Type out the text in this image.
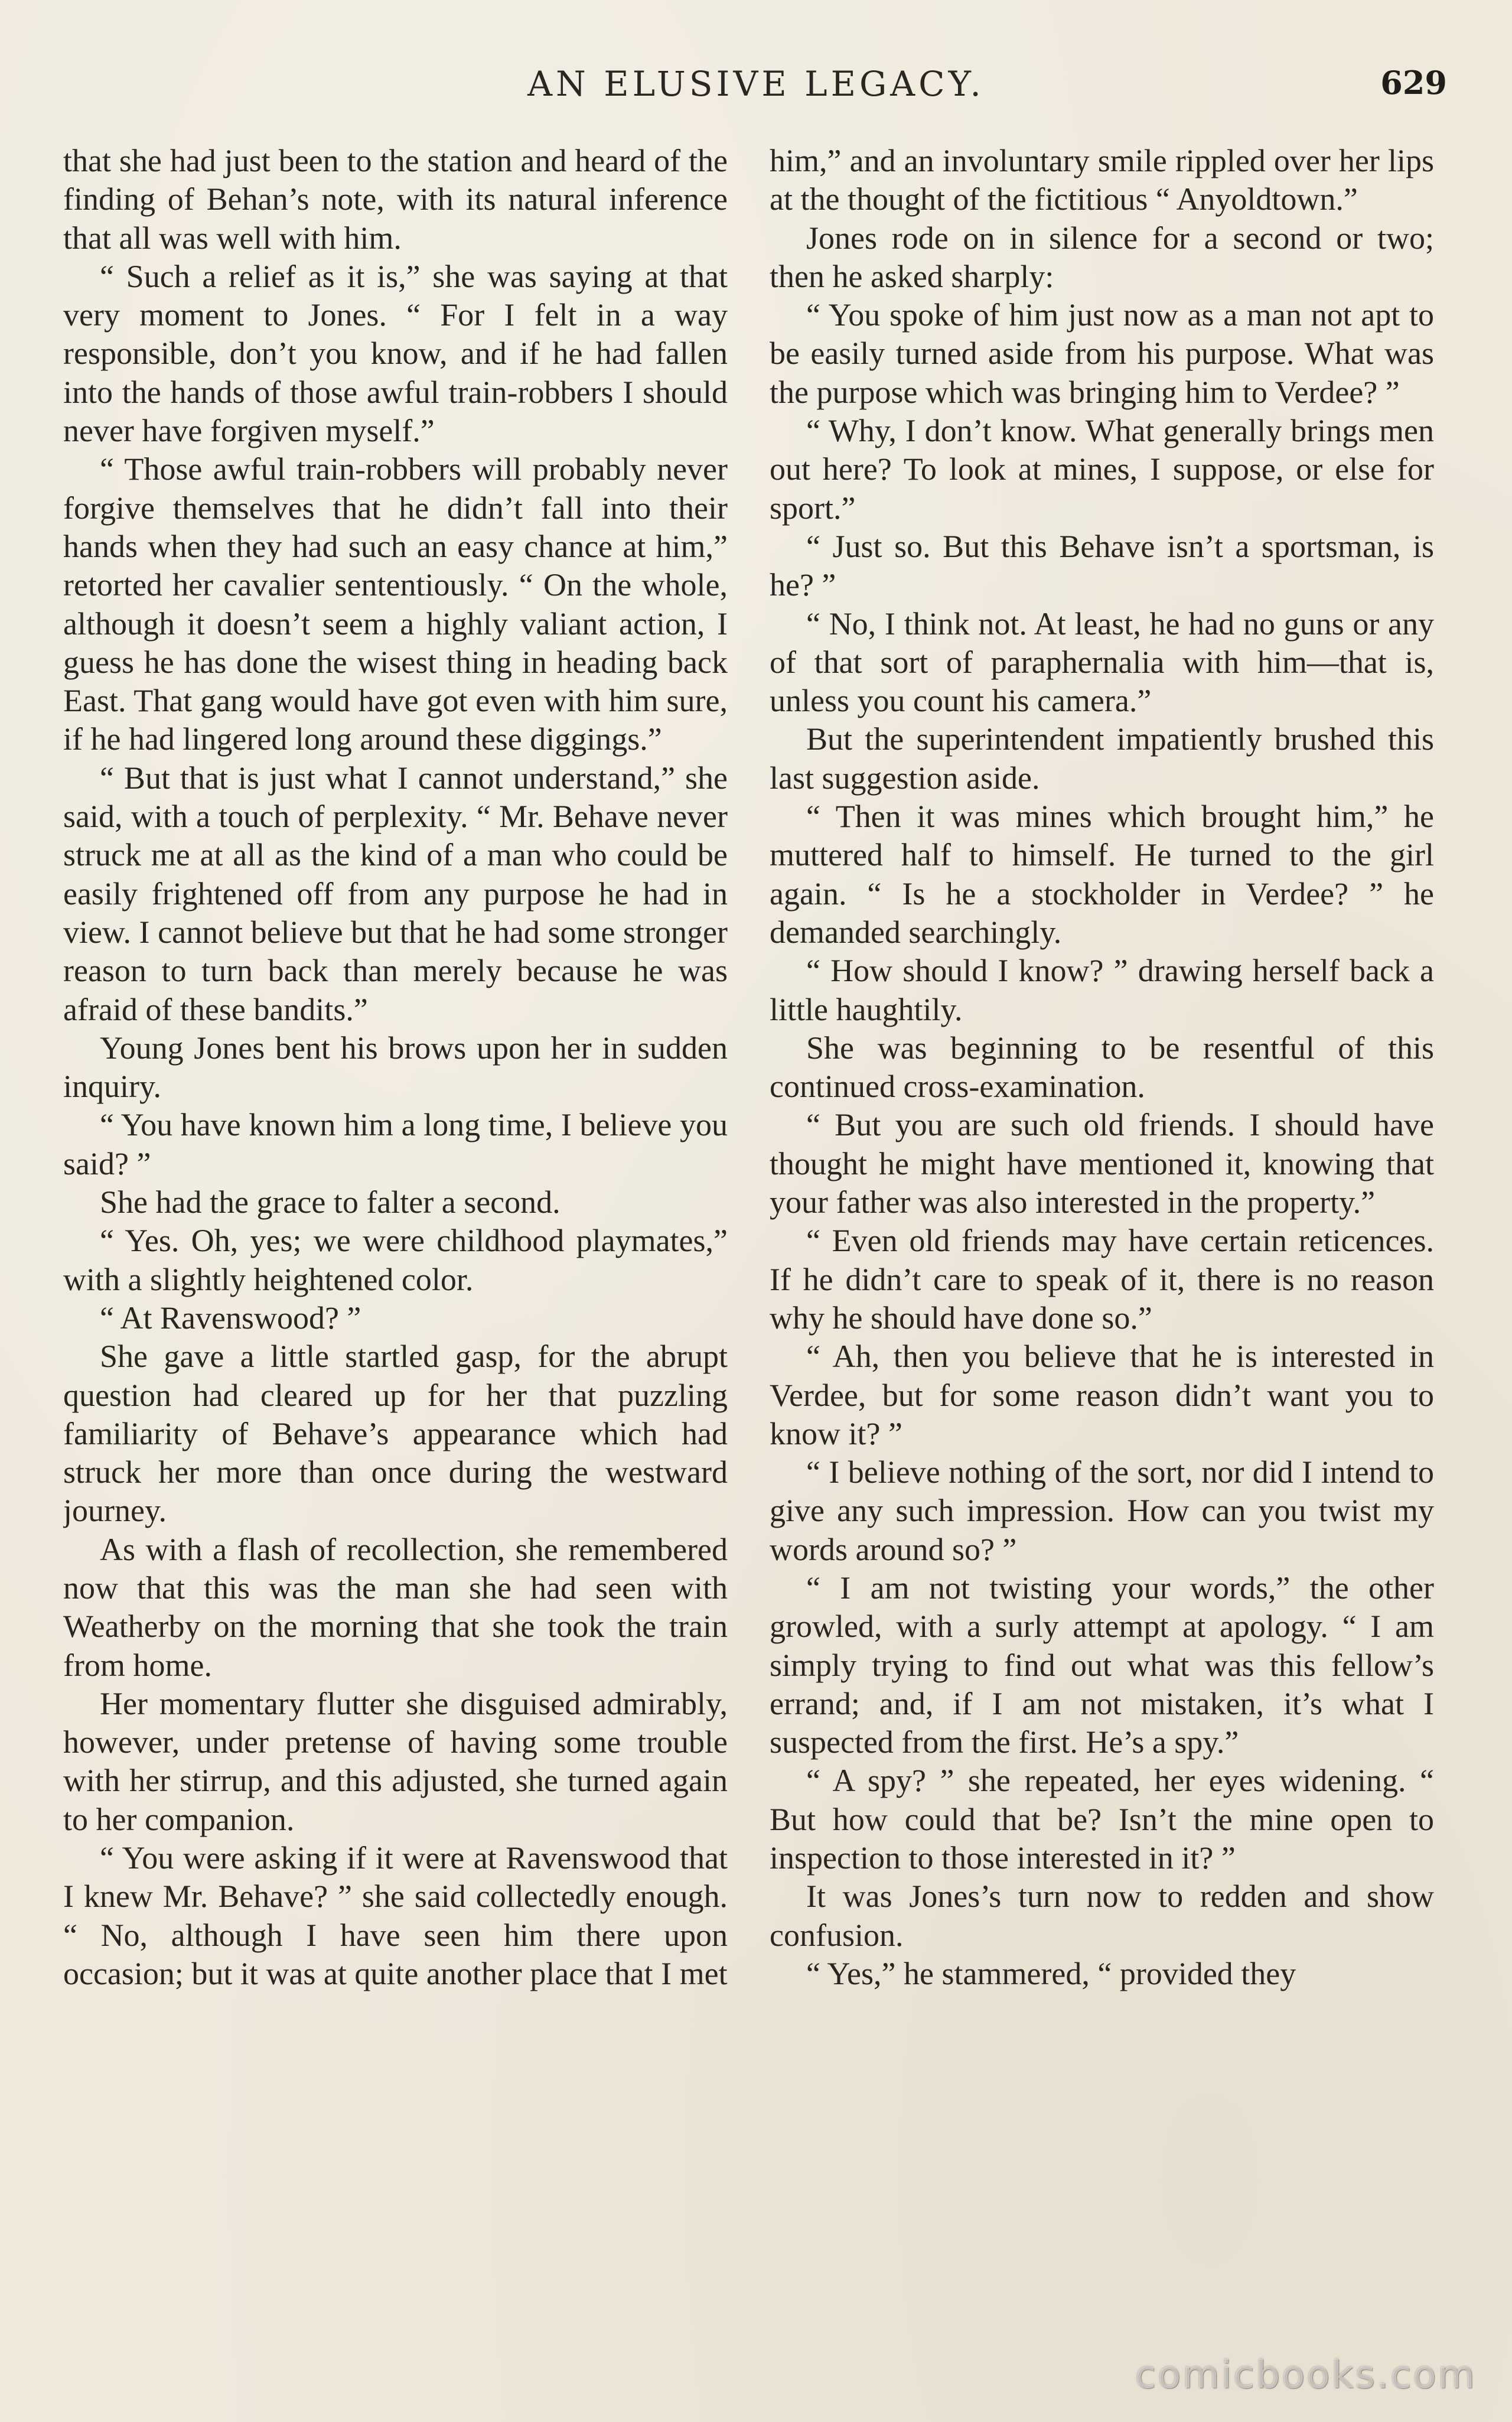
AN ELUSIVE LEGACY.	629

that she had just been to the station and heard of the finding of Behan’s note, with its natural inference that all was well with him.

“ Such a relief as it is,” she was saying at that very moment to Jones. “ For I felt in a way responsible, don’t you know, and if he had fallen into the hands of those awful train-robbers I should never have forgiven myself.”

“ Those awful train-robbers will probably never forgive themselves that he didn’t fall into their hands when they had such an easy chance at him,” retorted her cavalier sententiously. “ On the whole, although it doesn’t seem a highly valiant action, I guess he has done the wisest thing in heading back East. That gang would have got even with him sure, if he had lingered long around these diggings.”

“ But that is just what I cannot understand,” she said, with a touch of perplexity. “ Mr. Behave never struck me at all as the kind of a man who could be easily frightened off from any purpose he had in view. I cannot believe but that he had some stronger reason to turn back than merely because he was afraid of these bandits.”

Young Jones bent his brows upon her in sudden inquiry.

“ You have known him a long time, I believe you said? ”

She had the grace to falter a second.

“ Yes. Oh, yes; we were childhood playmates,” with a slightly heightened color.

“ At Ravenswood? ”

She gave a little startled gasp, for the abrupt question had cleared up for her that puzzling familiarity of Behave’s appearance which had struck her more than once during the westward journey.

As with a flash of recollection, she remembered now that this was the man she had seen with Weatherby on the morning that she took the train from home.

Her momentary flutter she disguised admirably, however, under pretense of having some trouble with her stirrup, and this adjusted, she turned again to her companion.

“ You were asking if it were at Ravenswood that I knew Mr. Behave? ” she said collectedly enough. “ No, although I have seen him there upon occasion; but it was at quite another place that I met

him,” and an involuntary smile rippled over her lips at the thought of the fictitious “ Anyoldtown.”

Jones rode on in silence for a second or two; then he asked sharply:

“ You spoke of him just now as a man not apt to be easily turned aside from his purpose. What was the purpose which was bringing him to Verdee? ”

“ Why, I don’t know. What generally brings men out here? To look at mines, I suppose, or else for sport.”

“ Just so. But this Behave isn’t a sportsman, is he? ”

“ No, I think not. At least, he had no guns or any of that sort of paraphernalia with him—that is, unless you count his camera.”

But the superintendent impatiently brushed this last suggestion aside.

“ Then it was mines which brought him,” he muttered half to himself. He turned to the girl again. “ Is he a stockholder in Verdee? ” he demanded searchingly.

“ How should I know? ” drawing herself back a little haughtily.

She was beginning to be resentful of this continued cross-examination.

“ But you are such old friends. I should have thought he might have mentioned it, knowing that your father was also interested in the property.”

“ Even old friends may have certain reticences. If he didn’t care to speak of it, there is no reason why he should have done so.”

“ Ah, then you believe that he is interested in Verdee, but for some reason didn’t want you to know it? ”

“ I believe nothing of the sort, nor did I intend to give any such impression. How can you twist my words around so? ”

“ I am not twisting your words,” the other growled, with a surly attempt at apology. “ I am simply trying to find out what was this fellow’s errand; and, if I am not mistaken, it’s what I suspected from the first. He’s a spy.”

“ A spy? ” she repeated, her eyes widening. “ But how could that be? Isn’t the mine open to inspection to those interested in it? ”

It was Jones’s turn now to redden and show confusion.

“ Yes,” he stammered, “ provided they

comicbooks.com
